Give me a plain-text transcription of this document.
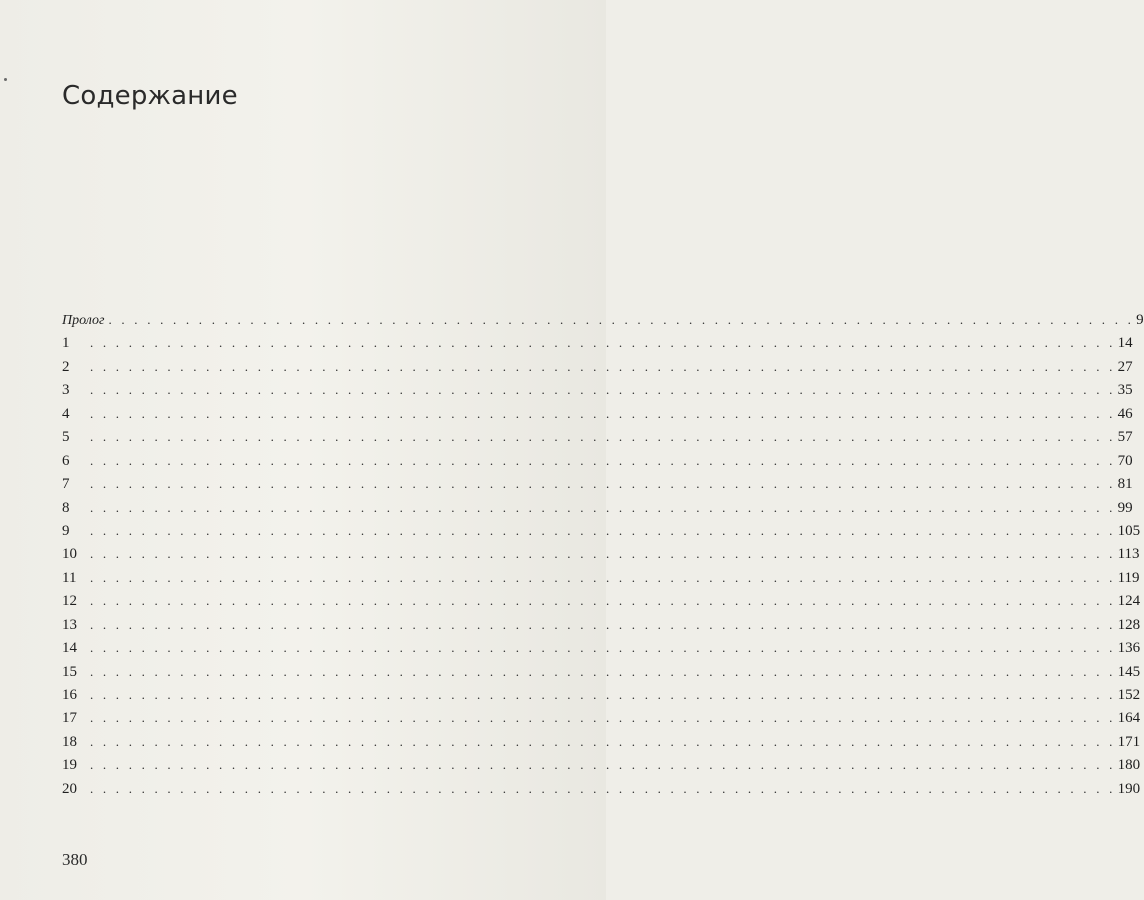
Содержание
Пролог . . . . . . . . . . . . . . . . . . . . . . . . . . . . . . . . . . . . . . . . . . . . . . . . . . . . . . . . . . . . . . . . . . . . . . . . . . . . . . . . 9
1	. . . . . . . . . . . . . . . . . . . . . . . . . . . . . . . . . . . . . . . . . . . . . . . . . . . . . . . . . . . . . . . . . . . . . . . . . . . . . . . . 14
2	. . . . . . . . . . . . . . . . . . . . . . . . . . . . . . . . . . . . . . . . . . . . . . . . . . . . . . . . . . . . . . . . . . . . . . . . . . . . . . . . 27
3	. . . . . . . . . . . . . . . . . . . . . . . . . . . . . . . . . . . . . . . . . . . . . . . . . . . . . . . . . . . . . . . . . . . . . . . . . . . . . . . . 35
4	. . . . . . . . . . . . . . . . . . . . . . . . . . . . . . . . . . . . . . . . . . . . . . . . . . . . . . . . . . . . . . . . . . . . . . . . . . . . . . . . 46
5	. . . . . . . . . . . . . . . . . . . . . . . . . . . . . . . . . . . . . . . . . . . . . . . . . . . . . . . . . . . . . . . . . . . . . . . . . . . . . . . . 57
6	. . . . . . . . . . . . . . . . . . . . . . . . . . . . . . . . . . . . . . . . . . . . . . . . . . . . . . . . . . . . . . . . . . . . . . . . . . . . . . . . 70
7	. . . . . . . . . . . . . . . . . . . . . . . . . . . . . . . . . . . . . . . . . . . . . . . . . . . . . . . . . . . . . . . . . . . . . . . . . . . . . . . . 81
8	. . . . . . . . . . . . . . . . . . . . . . . . . . . . . . . . . . . . . . . . . . . . . . . . . . . . . . . . . . . . . . . . . . . . . . . . . . . . . . . . 99
9	. . . . . . . . . . . . . . . . . . . . . . . . . . . . . . . . . . . . . . . . . . . . . . . . . . . . . . . . . . . . . . . . . . . . . . . . . . . . . . . . 105
10	. . . . . . . . . . . . . . . . . . . . . . . . . . . . . . . . . . . . . . . . . . . . . . . . . . . . . . . . . . . . . . . . . . . . . . . . . . . . . . . . 113
11	. . . . . . . . . . . . . . . . . . . . . . . . . . . . . . . . . . . . . . . . . . . . . . . . . . . . . . . . . . . . . . . . . . . . . . . . . . . . . . . . 119
12	. . . . . . . . . . . . . . . . . . . . . . . . . . . . . . . . . . . . . . . . . . . . . . . . . . . . . . . . . . . . . . . . . . . . . . . . . . . . . . . . 124
13	. . . . . . . . . . . . . . . . . . . . . . . . . . . . . . . . . . . . . . . . . . . . . . . . . . . . . . . . . . . . . . . . . . . . . . . . . . . . . . . . 128
14	. . . . . . . . . . . . . . . . . . . . . . . . . . . . . . . . . . . . . . . . . . . . . . . . . . . . . . . . . . . . . . . . . . . . . . . . . . . . . . . . 136
15	. . . . . . . . . . . . . . . . . . . . . . . . . . . . . . . . . . . . . . . . . . . . . . . . . . . . . . . . . . . . . . . . . . . . . . . . . . . . . . . . 145
16	. . . . . . . . . . . . . . . . . . . . . . . . . . . . . . . . . . . . . . . . . . . . . . . . . . . . . . . . . . . . . . . . . . . . . . . . . . . . . . . . 152
17	. . . . . . . . . . . . . . . . . . . . . . . . . . . . . . . . . . . . . . . . . . . . . . . . . . . . . . . . . . . . . . . . . . . . . . . . . . . . . . . . 164
18	. . . . . . . . . . . . . . . . . . . . . . . . . . . . . . . . . . . . . . . . . . . . . . . . . . . . . . . . . . . . . . . . . . . . . . . . . . . . . . . . 171
19	. . . . . . . . . . . . . . . . . . . . . . . . . . . . . . . . . . . . . . . . . . . . . . . . . . . . . . . . . . . . . . . . . . . . . . . . . . . . . . . . 180
20	. . . . . . . . . . . . . . . . . . . . . . . . . . . . . . . . . . . . . . . . . . . . . . . . . . . . . . . . . . . . . . . . . . . . . . . . . . . . . . . . 190
380
